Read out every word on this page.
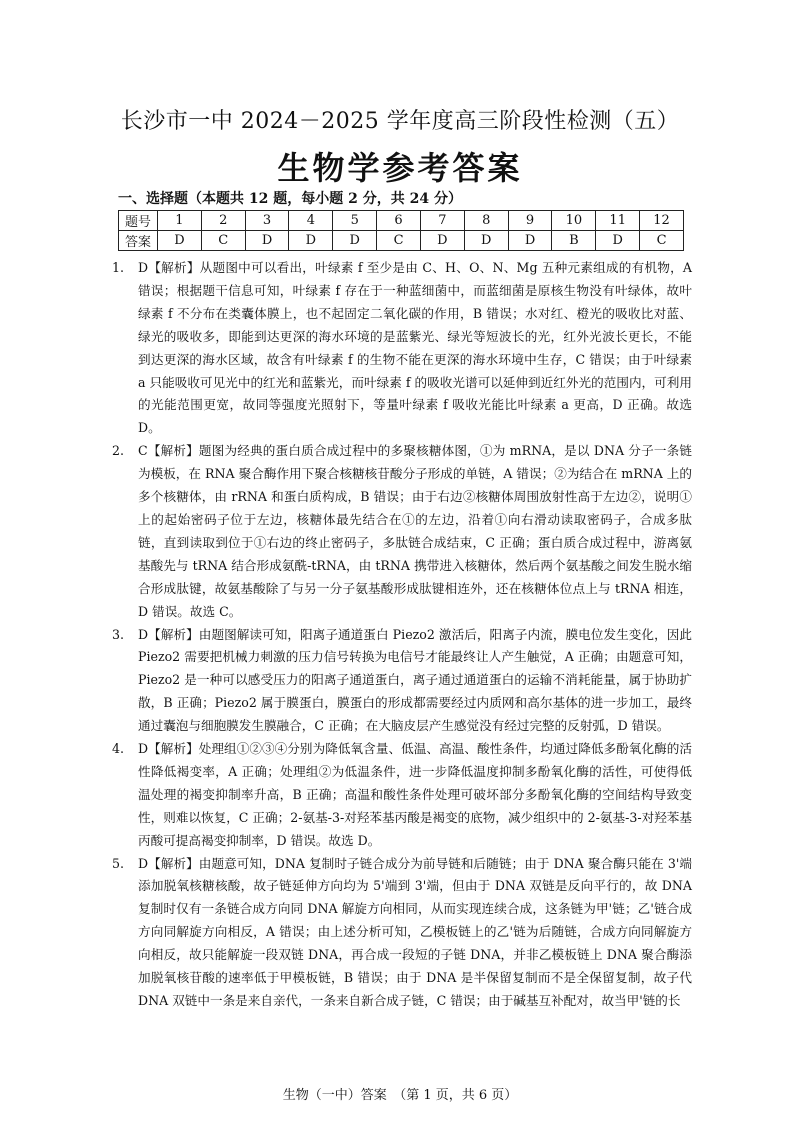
长沙市一中 2024－2025 学年度高三阶段性检测（五）
生物学参考答案
一、选择题（本题共 12 题，每小题 2 分，共 24 分）
题号	1	2	3	4	5	6	7	8	9	10	11	12
答案	D	C	D	D	D	C	D	D	D	B	D	C
1. D【解析】从题图中可以看出，叶绿素 f 至少是由 C、H、O、N、Mg 五种元素组成的有机物，A 错误；根据题干信息可知，叶绿素 f 存在于一种蓝细菌中，而蓝细菌是原核生物没有叶绿体，故叶绿素 f 不分布在类囊体膜上，也不起固定二氧化碳的作用，B 错误；水对红、橙光的吸收比对蓝、绿光的吸收多，即能到达更深的海水环境的是蓝紫光、绿光等短波长的光，红外光波长更长，不能到达更深的海水区域，故含有叶绿素 f 的生物不能在更深的海水环境中生存，C 错误；由于叶绿素 a 只能吸收可见光中的红光和蓝紫光，而叶绿素 f 的吸收光谱可以延伸到近红外光的范围内，可利用的光能范围更宽，故同等强度光照射下，等量叶绿素 f 吸收光能比叶绿素 a 更高，D 正确。故选 D。
2. C【解析】题图为经典的蛋白质合成过程中的多聚核糖体图，①为 mRNA，是以 DNA 分子一条链为模板，在 RNA 聚合酶作用下聚合核糖核苷酸分子形成的单链，A 错误；②为结合在 mRNA 上的多个核糖体，由 rRNA 和蛋白质构成，B 错误；由于右边②核糖体周围放射性高于左边②，说明①上的起始密码子位于左边，核糖体最先结合在①的左边，沿着①向右滑动读取密码子，合成多肽链，直到读取到位于①右边的终止密码子，多肽链合成结束，C 正确；蛋白质合成过程中，游离氨基酸先与 tRNA 结合形成氨酰-tRNA，由 tRNA 携带进入核糖体，然后两个氨基酸之间发生脱水缩合形成肽键，故氨基酸除了与另一分子氨基酸形成肽键相连外，还在核糖体位点上与 tRNA 相连，D 错误。故选 C。
3. D【解析】由题图解读可知，阳离子通道蛋白 Piezo2 激活后，阳离子内流，膜电位发生变化，因此 Piezo2 需要把机械力刺激的压力信号转换为电信号才能最终让人产生触觉，A 正确；由题意可知，Piezo2 是一种可以感受压力的阳离子通道蛋白，离子通过通道蛋白的运输不消耗能量，属于协助扩散，B 正确；Piezo2 属于膜蛋白，膜蛋白的形成都需要经过内质网和高尔基体的进一步加工，最终通过囊泡与细胞膜发生膜融合，C 正确；在大脑皮层产生感觉没有经过完整的反射弧，D 错误。
4. D【解析】处理组①②③④分别为降低氧含量、低温、高温、酸性条件，均通过降低多酚氧化酶的活性降低褐变率，A 正确；处理组②为低温条件，进一步降低温度抑制多酚氧化酶的活性，可使得低温处理的褐变抑制率升高，B 正确；高温和酸性条件处理可破坏部分多酚氧化酶的空间结构导致变性，则难以恢复，C 正确；2-氨基-3-对羟苯基丙酸是褐变的底物，减少组织中的 2-氨基-3-对羟苯基丙酸可提高褐变抑制率，D 错误。故选 D。
5. D【解析】由题意可知，DNA 复制时子链合成分为前导链和后随链；由于 DNA 聚合酶只能在 3'端添加脱氧核糖核酸，故子链延伸方向均为 5'端到 3'端，但由于 DNA 双链是反向平行的，故 DNA 复制时仅有一条链合成方向同 DNA 解旋方向相同，从而实现连续合成，这条链为甲'链；乙'链合成方向同解旋方向相反，A 错误；由上述分析可知，乙模板链上的乙'链为后随链，合成方向同解旋方向相反，故只能解旋一段双链 DNA，再合成一段短的子链 DNA，并非乙模板链上 DNA 聚合酶添加脱氧核苷酸的速率低于甲模板链，B 错误；由于 DNA 是半保留复制而不是全保留复制，故子代 DNA 双链中一条是来自亲代，一条来自新合成子链，C 错误；由于碱基互补配对，故当甲'链的长
生物（一中）答案　（第 1 页，共 6 页）
